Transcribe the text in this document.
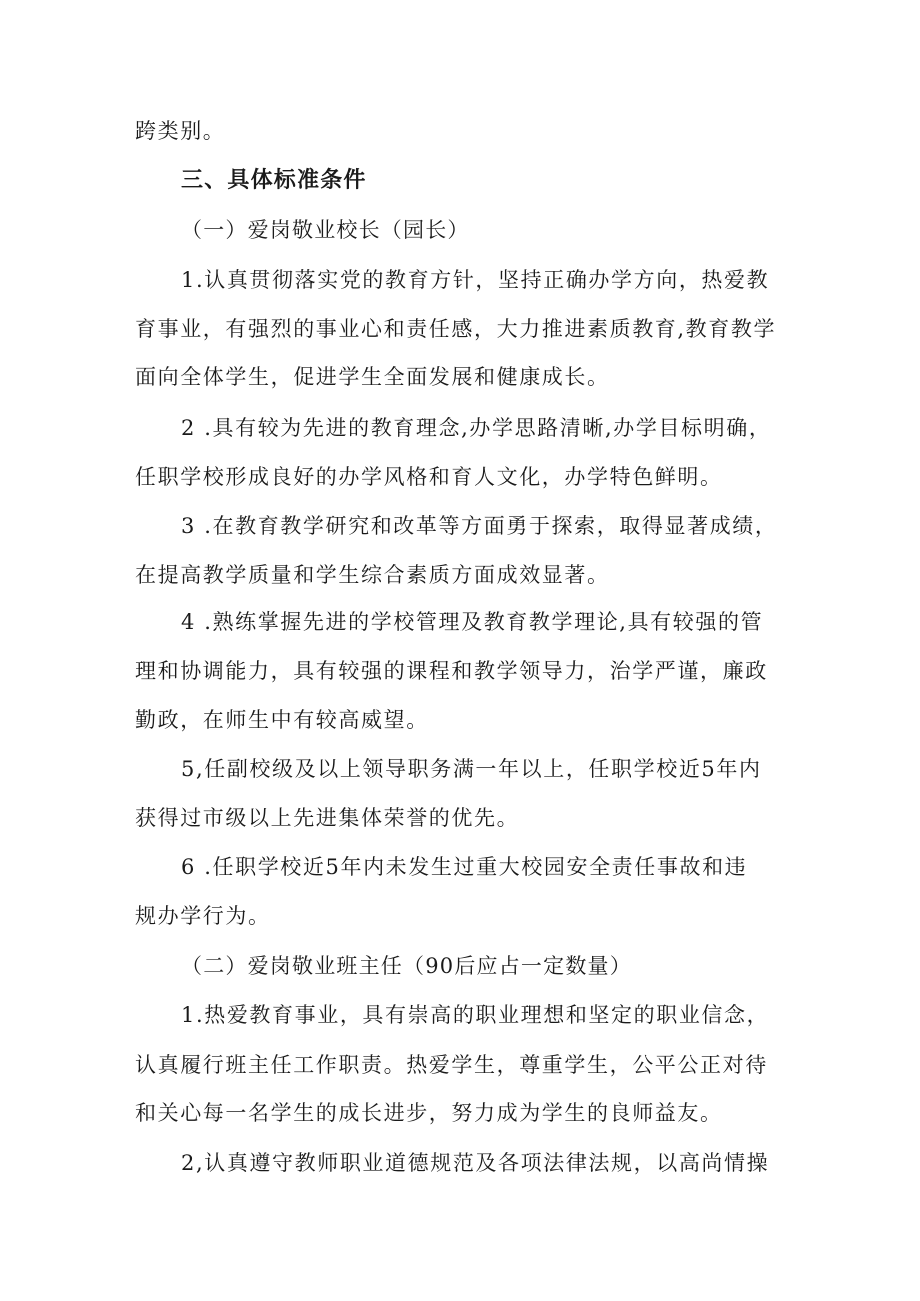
跨类别。
三、具体标准条件
（一）爱岗敬业校长（园长）
1.认真贯彻落实党的教育方针，坚持正确办学方向，热爱教
育事业，有强烈的事业心和责任感，大力推进素质教育,教育教学
面向全体学生，促进学生全面发展和健康成长。
2 .具有较为先进的教育理念,办学思路清晰,办学目标明确，
任职学校形成良好的办学风格和育人文化，办学特色鲜明。
3 .在教育教学研究和改革等方面勇于探索，取得显著成绩，
在提高教学质量和学生综合素质方面成效显著。
4 .熟练掌握先进的学校管理及教育教学理论,具有较强的管
理和协调能力，具有较强的课程和教学领导力，治学严谨，廉政
勤政，在师生中有较高威望。
5,任副校级及以上领导职务满一年以上，任职学校近5年内
获得过市级以上先进集体荣誉的优先。
6 .任职学校近5年内未发生过重大校园安全责任事故和违
规办学行为。
（二）爱岗敬业班主任（90后应占一定数量）
1.热爱教育事业，具有崇高的职业理想和坚定的职业信念，
认真履行班主任工作职责。热爱学生，尊重学生，公平公正对待
和关心每一名学生的成长进步，努力成为学生的良师益友。
2,认真遵守教师职业道德规范及各项法律法规，以高尚情操
